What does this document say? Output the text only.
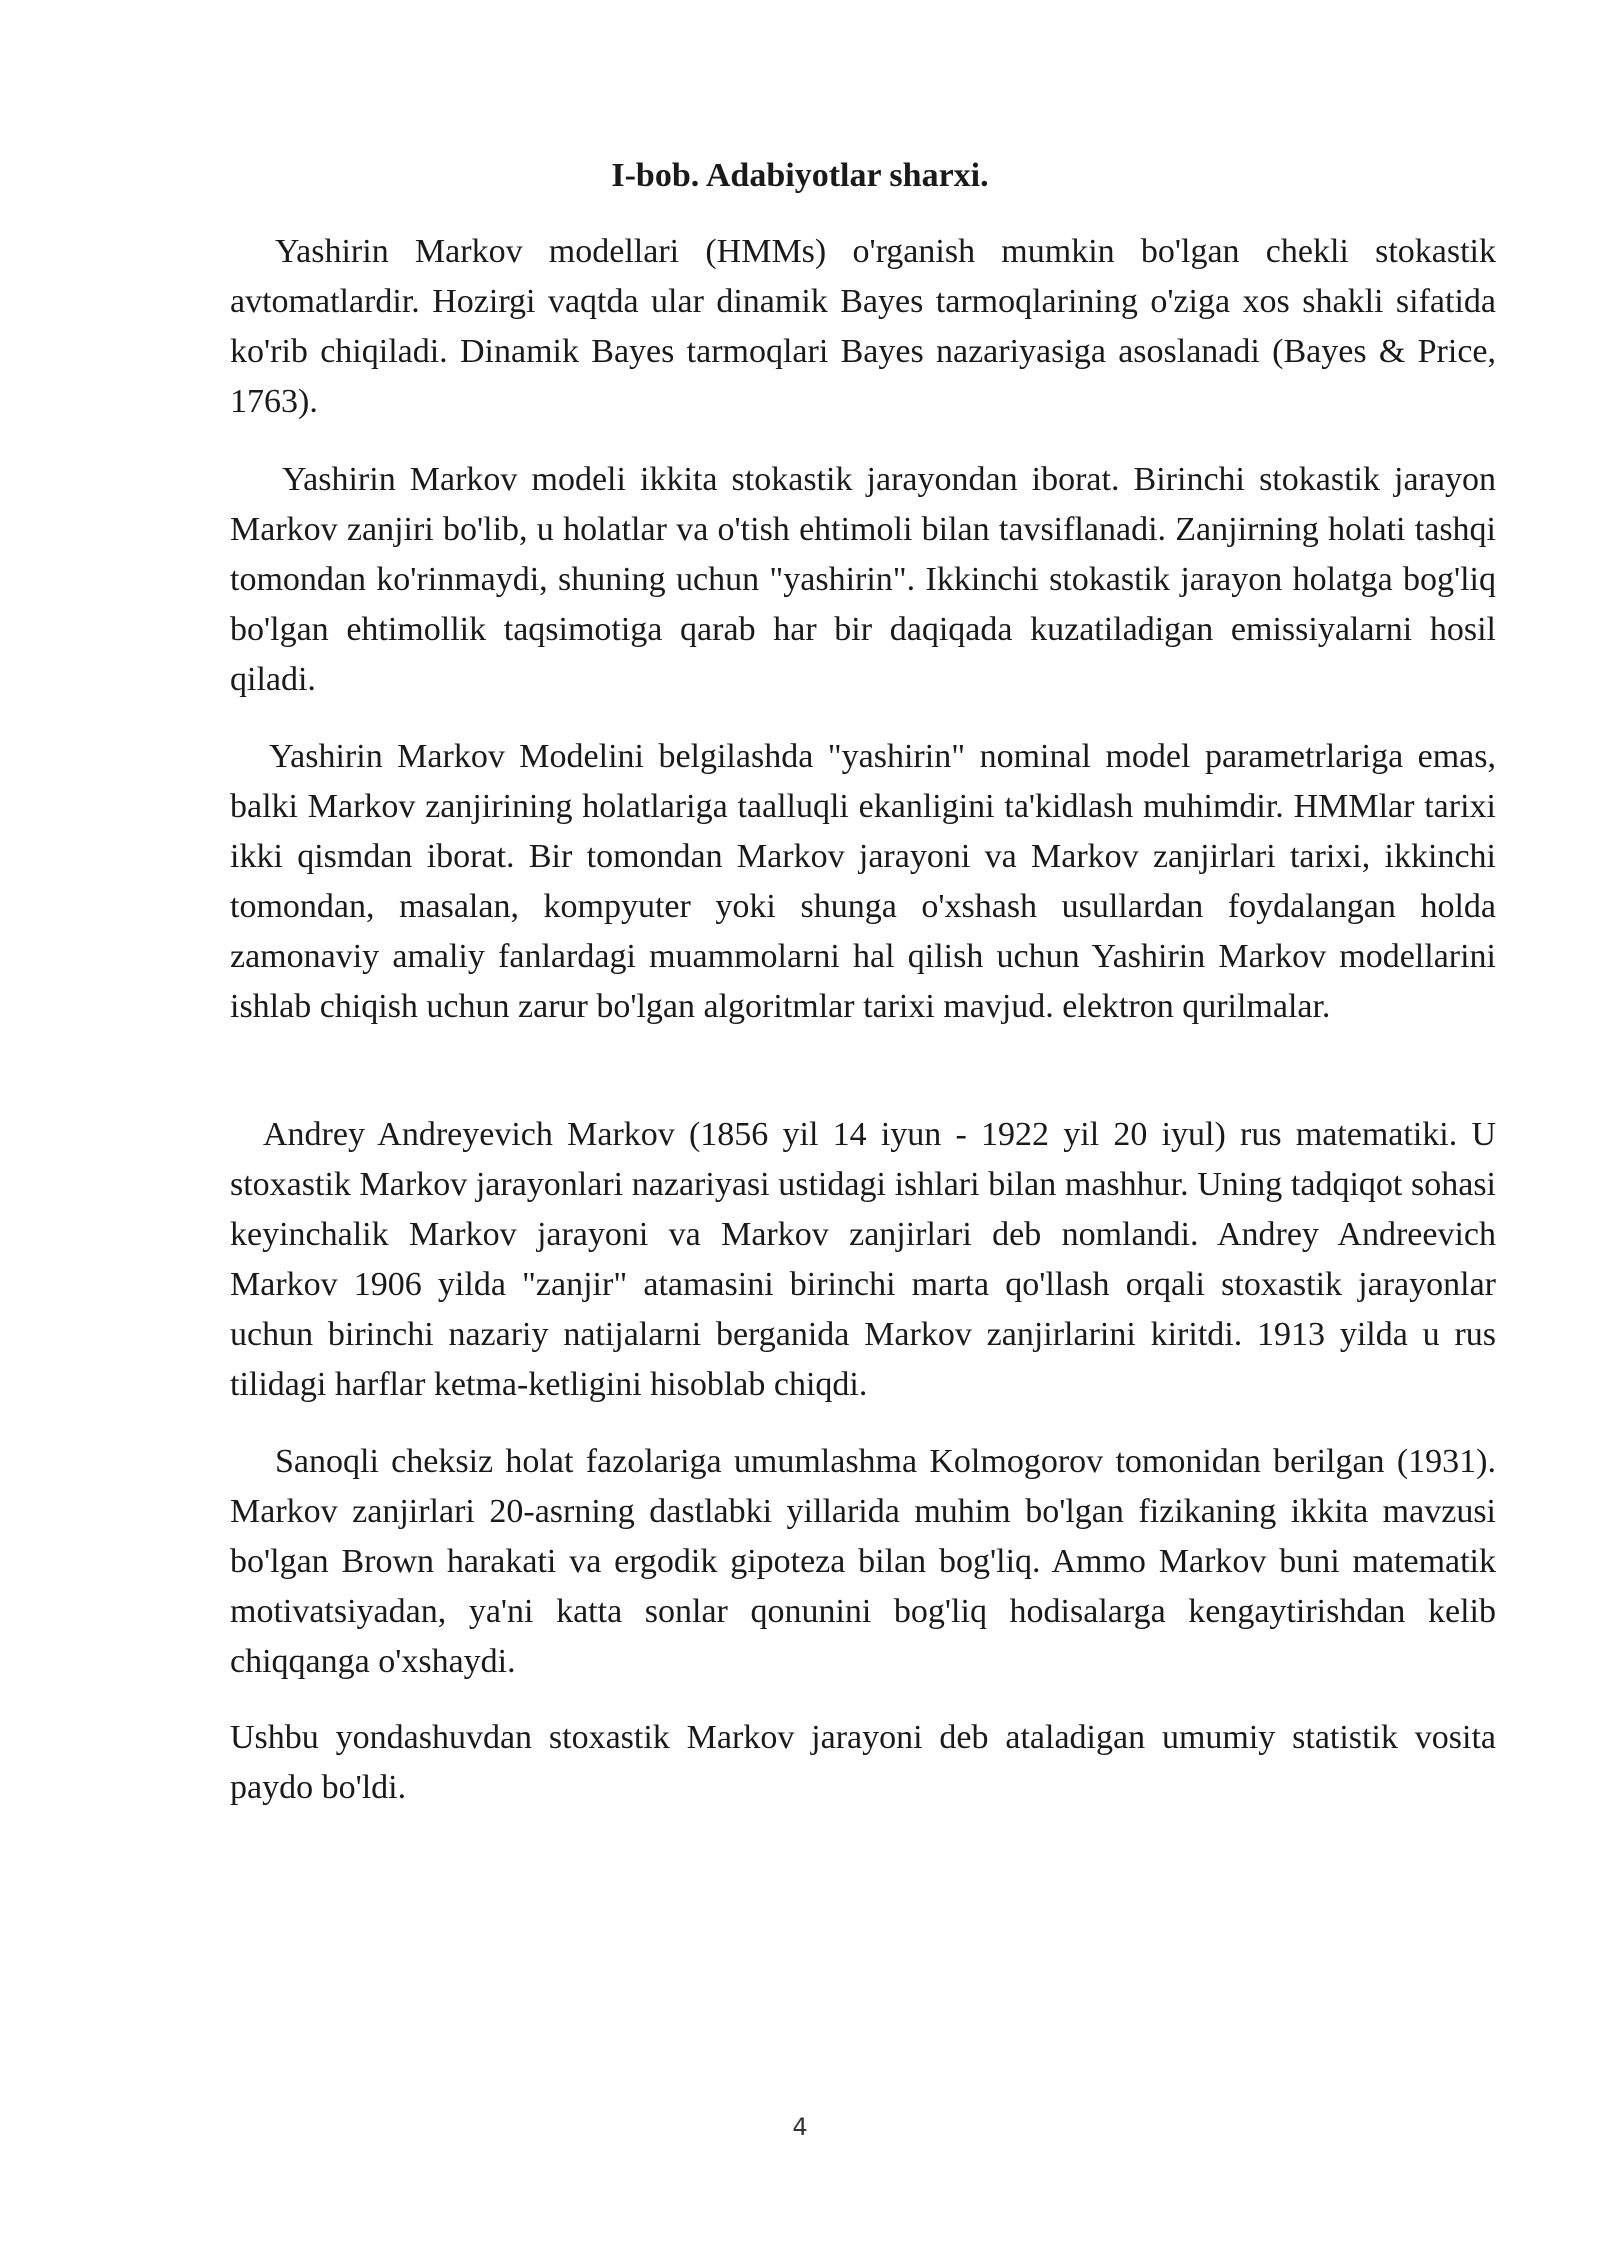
I-bob. Adabiyotlar sharxi.

Yashirin Markov modellari (HMMs) o'rganish mumkin bo'lgan chekli stokastik avtomatlardir. Hozirgi vaqtda ular dinamik Bayes tarmoqlarining o'ziga xos shakli sifatida ko'rib chiqiladi. Dinamik Bayes tarmoqlari Bayes nazariyasiga asoslanadi (Bayes & Price, 1763).

Yashirin Markov modeli ikkita stokastik jarayondan iborat. Birinchi stokastik jarayon Markov zanjiri bo'lib, u holatlar va o'tish ehtimoli bilan tavsiflanadi. Zanjirning holati tashqi tomondan ko'rinmaydi, shuning uchun "yashirin". Ikkinchi stokastik jarayon holatga bog'liq bo'lgan ehtimollik taqsimotiga qarab har bir daqiqada kuzatiladigan emissiyalarni hosil qiladi.

Yashirin Markov Modelini belgilashda "yashirin" nominal model parametrlariga emas, balki Markov zanjirining holatlariga taalluqli ekanligini ta'kidlash muhimdir. HMMlar tarixi ikki qismdan iborat. Bir tomondan Markov jarayoni va Markov zanjirlari tarixi, ikkinchi tomondan, masalan, kompyuter yoki shunga o'xshash usullardan foydalangan holda zamonaviy amaliy fanlardagi muammolarni hal qilish uchun Yashirin Markov modellarini ishlab chiqish uchun zarur bo'lgan algoritmlar tarixi mavjud. elektron qurilmalar.

Andrey Andreyevich Markov (1856 yil 14 iyun - 1922 yil 20 iyul) rus matematiki. U stoxastik Markov jarayonlari nazariyasi ustidagi ishlari bilan mashhur. Uning tadqiqot sohasi keyinchalik Markov jarayoni va Markov zanjirlari deb nomlandi. Andrey Andreevich Markov 1906 yilda "zanjir" atamasini birinchi marta qo'llash orqali stoxastik jarayonlar uchun birinchi nazariy natijalarni berganida Markov zanjirlarini kiritdi. 1913 yilda u rus tilidagi harflar ketma-ketligini hisoblab chiqdi.

Sanoqli cheksiz holat fazolariga umumlashma Kolmogorov tomonidan berilgan (1931). Markov zanjirlari 20-asrning dastlabki yillarida muhim bo'lgan fizikaning ikkita mavzusi bo'lgan Brown harakati va ergodik gipoteza bilan bog'liq. Ammo Markov buni matematik motivatsiyadan, ya'ni katta sonlar qonunini bog'liq hodisalarga kengaytirishdan kelib chiqqanga o'xshaydi.

Ushbu yondashuvdan stoxastik Markov jarayoni deb ataladigan umumiy statistik vosita paydo bo'ldi.

4
